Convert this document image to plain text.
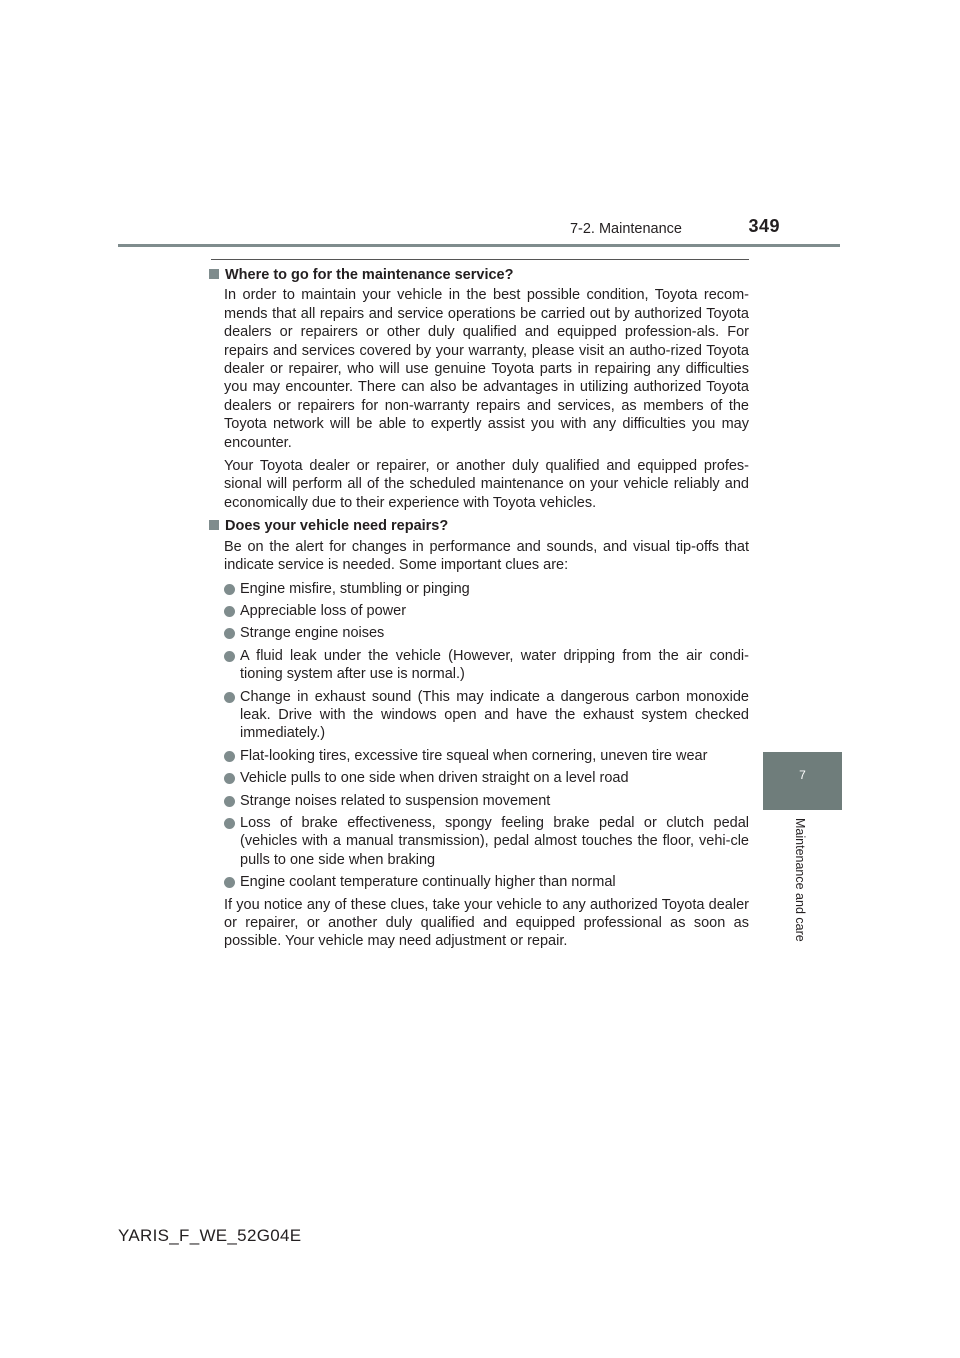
7-2. Maintenance	349
7
Maintenance and care
Where to go for the maintenance service?

In order to maintain your vehicle in the best possible condition, Toyota recom-mends that all repairs and service operations be carried out by authorized Toyota dealers or repairers or other duly qualified and equipped profession-als. For repairs and services covered by your warranty, please visit an autho-rized Toyota dealer or repairer, who will use genuine Toyota parts in repairing any difficulties you may encounter. There can also be advantages in utilizing authorized Toyota dealers or repairers for non-warranty repairs and services, as members of the Toyota network will be able to expertly assist you with any difficulties you may encounter.

Your Toyota dealer or repairer, or another duly qualified and equipped profes-sional will perform all of the scheduled maintenance on your vehicle reliably and economically due to their experience with Toyota vehicles.

Does your vehicle need repairs?

Be on the alert for changes in performance and sounds, and visual tip-offs that indicate service is needed. Some important clues are:

Engine misfire, stumbling or pinging
Appreciable loss of power
Strange engine noises
A fluid leak under the vehicle (However, water dripping from the air condi-tioning system after use is normal.)
Change in exhaust sound (This may indicate a dangerous carbon monoxide leak. Drive with the windows open and have the exhaust system checked immediately.)
Flat-looking tires, excessive tire squeal when cornering, uneven tire wear
Vehicle pulls to one side when driven straight on a level road
Strange noises related to suspension movement
Loss of brake effectiveness, spongy feeling brake pedal or clutch pedal (vehicles with a manual transmission), pedal almost touches the floor, vehi-cle pulls to one side when braking
Engine coolant temperature continually higher than normal

If you notice any of these clues, take your vehicle to any authorized Toyota dealer or repairer, or another duly qualified and equipped professional as soon as possible. Your vehicle may need adjustment or repair.

YARIS_F_WE_52G04E
